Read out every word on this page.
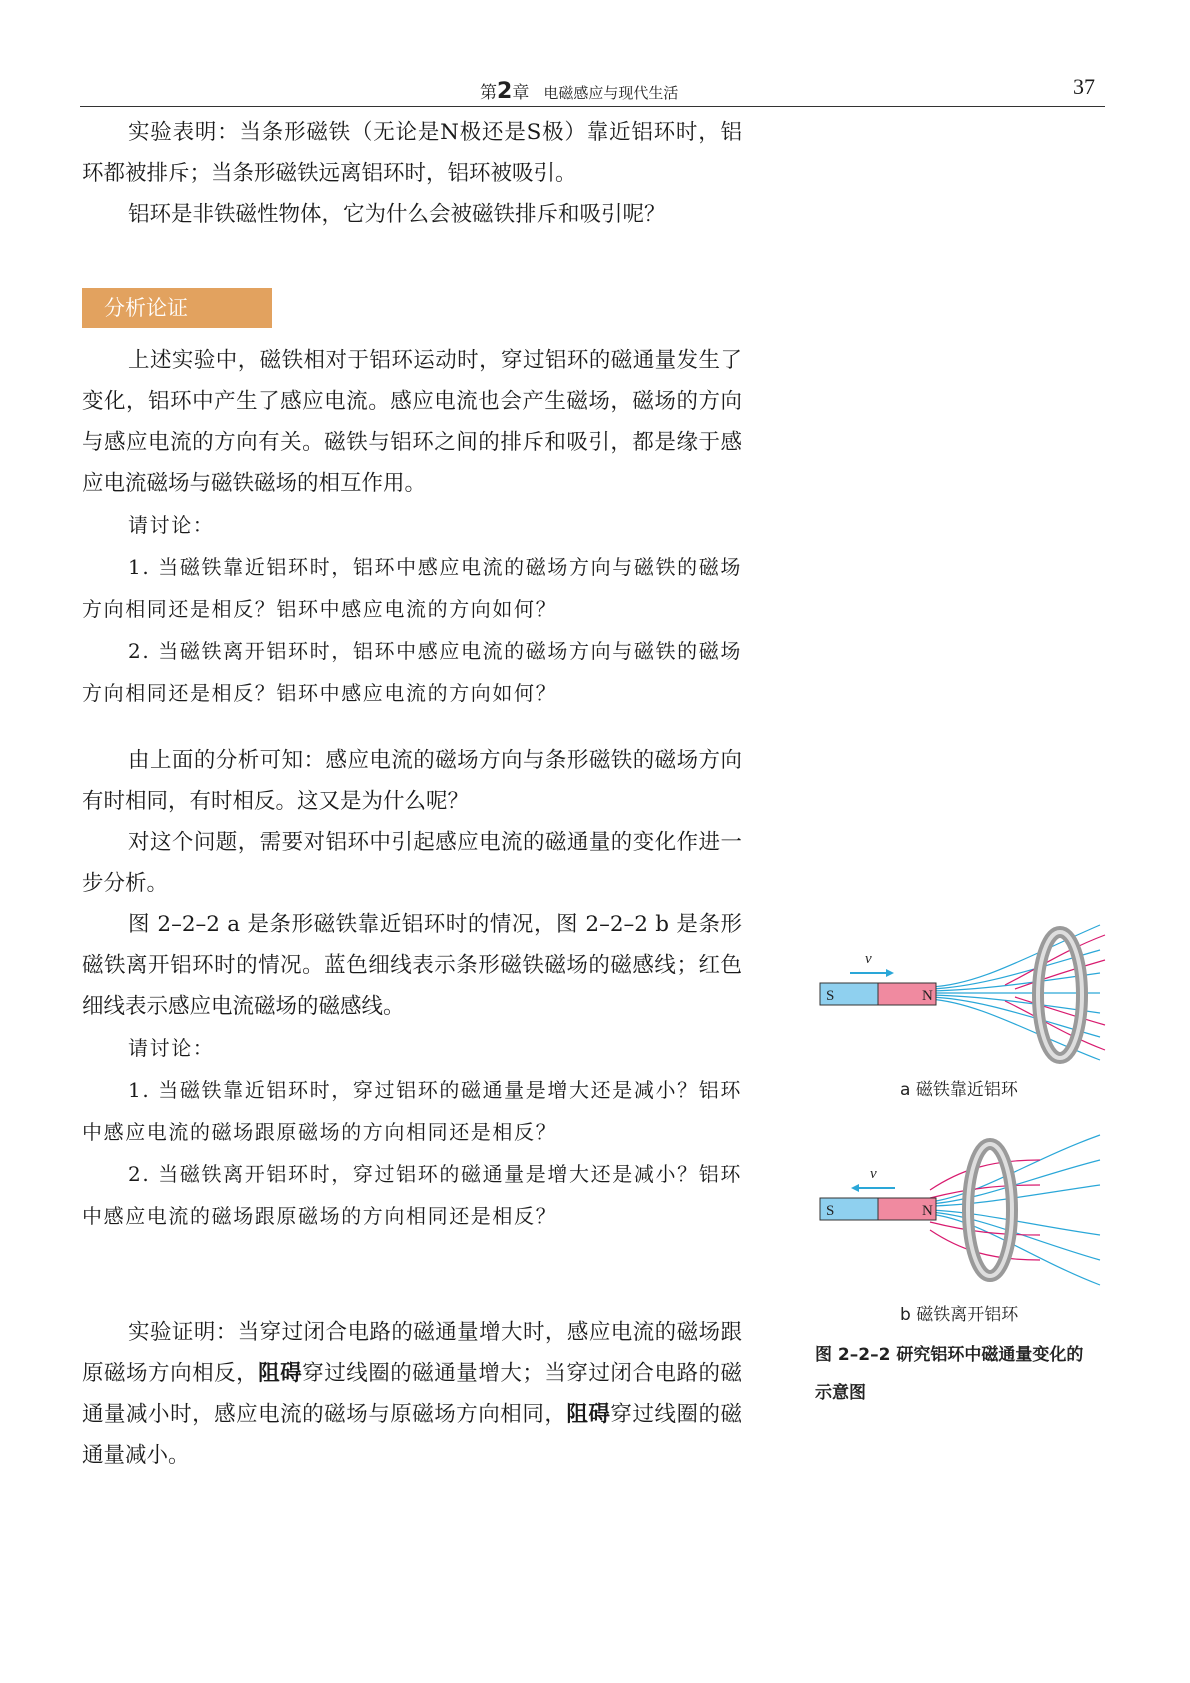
第2章 电磁感应与现代生活	37

实验表明：当条形磁铁（无论是N极还是S极）靠近铝环时，铝环都被排斥；当条形磁铁远离铝环时，铝环被吸引。

铝环是非铁磁性物体，它为什么会被磁铁排斥和吸引呢？

分析论证

上述实验中，磁铁相对于铝环运动时，穿过铝环的磁通量发生了变化，铝环中产生了感应电流。感应电流也会产生磁场，磁场的方向与感应电流的方向有关。磁铁与铝环之间的排斥和吸引，都是缘于感应电流磁场与磁铁磁场的相互作用。

请讨论：

1. 当磁铁靠近铝环时，铝环中感应电流的磁场方向与磁铁的磁场方向相同还是相反？铝环中感应电流的方向如何？

2. 当磁铁离开铝环时，铝环中感应电流的磁场方向与磁铁的磁场方向相同还是相反？铝环中感应电流的方向如何？

由上面的分析可知：感应电流的磁场方向与条形磁铁的磁场方向有时相同，有时相反。这又是为什么呢？

对这个问题，需要对铝环中引起感应电流的磁通量的变化作进一步分析。

图 2–2–2 a 是条形磁铁靠近铝环时的情况，图 2–2–2 b 是条形磁铁离开铝环时的情况。蓝色细线表示条形磁铁磁场的磁感线；红色细线表示感应电流磁场的磁感线。

请讨论：

1. 当磁铁靠近铝环时，穿过铝环的磁通量是增大还是减小？铝环中感应电流的磁场跟原磁场的方向相同还是相反？

2. 当磁铁离开铝环时，穿过铝环的磁通量是增大还是减小？铝环中感应电流的磁场跟原磁场的方向相同还是相反？

实验证明：当穿过闭合电路的磁通量增大时，感应电流的磁场跟原磁场方向相反，阻碍穿过线圈的磁通量增大；当穿过闭合电路的磁通量减小时，感应电流的磁场与原磁场方向相同，阻碍穿过线圈的磁通量减小。

S	N
v
a 磁铁靠近铝环
S	N
v
b 磁铁离开铝环
图 2–2–2 研究铝环中磁通量变化的
示意图
